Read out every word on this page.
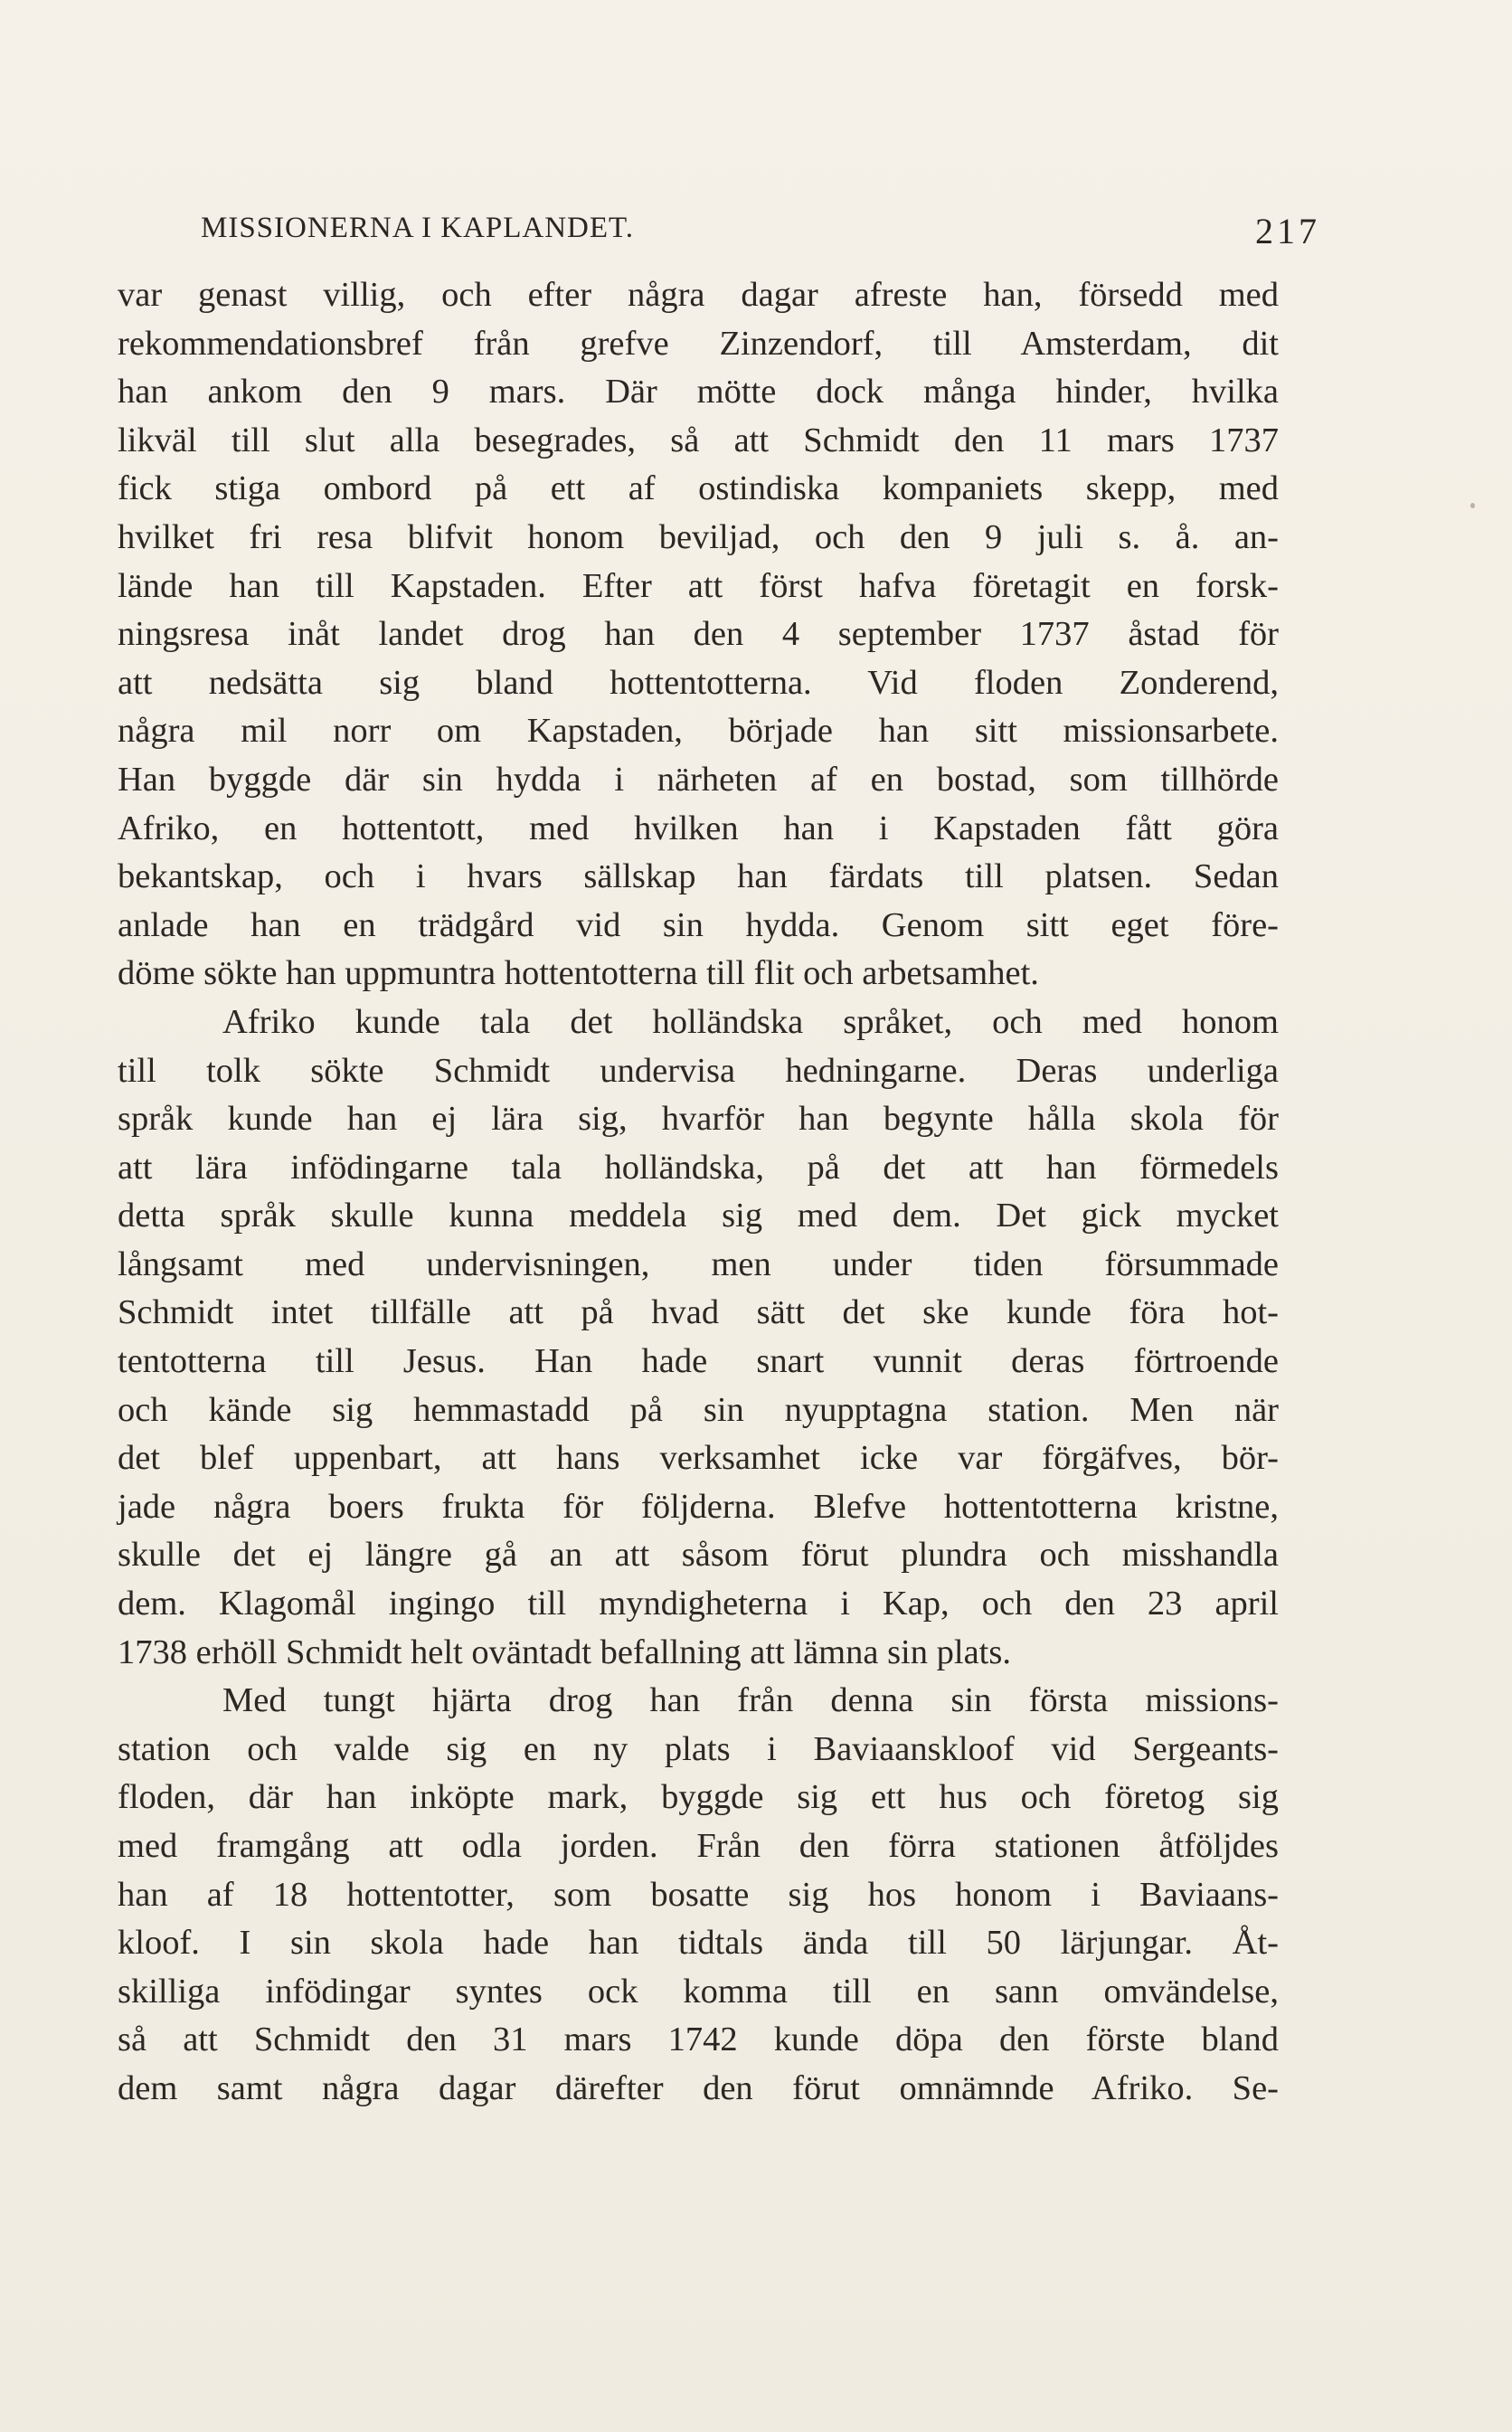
MISSIONERNA I KAPLANDET.	217
var genast villig, och efter några dagar afreste han, försedd med
rekommendationsbref från grefve Zinzendorf, till Amsterdam, dit
han ankom den 9 mars. Där mötte dock många hinder, hvilka
likväl till slut alla besegrades, så att Schmidt den 11 mars 1737
fick stiga ombord på ett af ostindiska kompaniets skepp, med
hvilket fri resa blifvit honom beviljad, och den 9 juli s. å. an-
lände han till Kapstaden. Efter att först hafva företagit en forsk-
ningsresa inåt landet drog han den 4 september 1737 åstad för
att nedsätta sig bland hottentotterna. Vid floden Zonderend,
några mil norr om Kapstaden, började han sitt missionsarbete.
Han byggde där sin hydda i närheten af en bostad, som tillhörde
Afriko, en hottentott, med hvilken han i Kapstaden fått göra
bekantskap, och i hvars sällskap han färdats till platsen. Sedan
anlade han en trädgård vid sin hydda. Genom sitt eget före-
döme sökte han uppmuntra hottentotterna till flit och arbetsamhet.
Afriko kunde tala det holländska språket, och med honom
till tolk sökte Schmidt undervisa hedningarne. Deras underliga
språk kunde han ej lära sig, hvarför han begynte hålla skola för
att lära infödingarne tala holländska, på det att han förmedels
detta språk skulle kunna meddela sig med dem. Det gick mycket
långsamt med undervisningen, men under tiden försummade
Schmidt intet tillfälle att på hvad sätt det ske kunde föra hot-
tentotterna till Jesus. Han hade snart vunnit deras förtroende
och kände sig hemmastadd på sin nyupptagna station. Men när
det blef uppenbart, att hans verksamhet icke var förgäfves, bör-
jade några boers frukta för följderna. Blefve hottentotterna kristne,
skulle det ej längre gå an att såsom förut plundra och misshandla
dem. Klagomål ingingo till myndigheterna i Kap, och den 23 april
1738 erhöll Schmidt helt oväntadt befallning att lämna sin plats.
Med tungt hjärta drog han från denna sin första missions-
station och valde sig en ny plats i Baviaanskloof vid Sergeants-
floden, där han inköpte mark, byggde sig ett hus och företog sig
med framgång att odla jorden. Från den förra stationen åtföljdes
han af 18 hottentotter, som bosatte sig hos honom i Baviaans-
kloof. I sin skola hade han tidtals ända till 50 lärjungar. Åt-
skilliga infödingar syntes ock komma till en sann omvändelse,
så att Schmidt den 31 mars 1742 kunde döpa den förste bland
dem samt några dagar därefter den förut omnämnde Afriko. Se-
